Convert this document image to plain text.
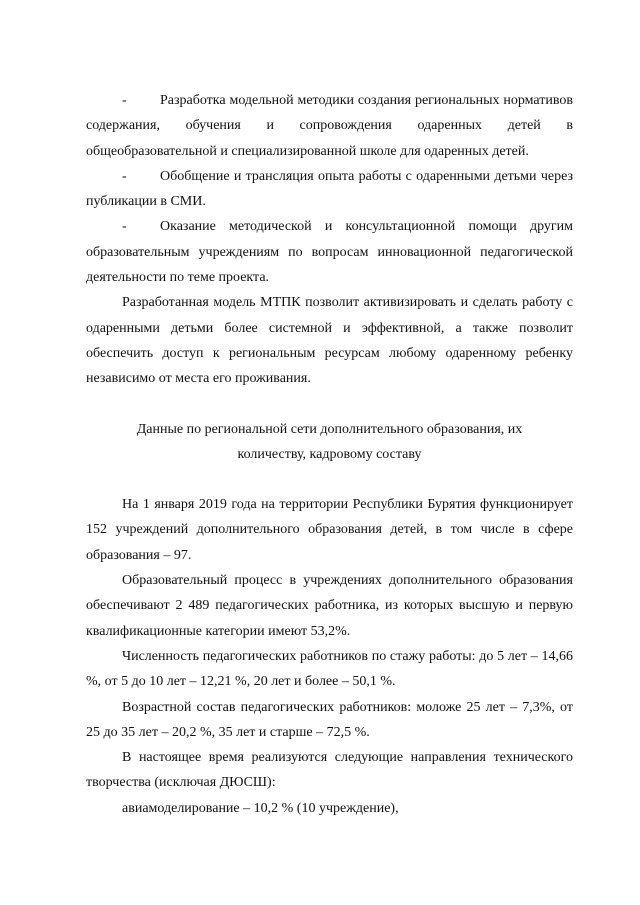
- Разработка модельной методики создания региональных нормативов содержания, обучения и сопровождения одаренных детей в общеобразовательной и специализированной школе для одаренных детей.

- Обобщение и трансляция опыта работы с одаренными детьми через публикации в СМИ.

- Оказание методической и консультационной помощи другим образовательным учреждениям по вопросам инновационной педагогической деятельности по теме проекта.

Разработанная модель МТПК позволит активизировать и сделать работу с одаренными детьми более системной и эффективной, а также позволит обеспечить доступ к региональным ресурсам любому одаренному ребенку независимо от места его проживания.

Данные по региональной сети дополнительного образования, их
количеству, кадровому составу

На 1 января 2019 года на территории Республики Бурятия функционирует 152 учреждений дополнительного образования детей, в том числе в сфере образования – 97.

Образовательный процесс в учреждениях дополнительного образования обеспечивают 2 489 педагогических работника, из которых высшую и первую квалификационные категории имеют 53,2%.

Численность педагогических работников по стажу работы: до 5 лет – 14,66 %, от 5 до 10 лет – 12,21 %, 20 лет и более – 50,1 %.

Возрастной состав педагогических работников: моложе 25 лет – 7,3%, от 25 до 35 лет – 20,2 %, 35 лет и старше – 72,5 %.

В настоящее время реализуются следующие направления технического творчества (исключая ДЮСШ):

авиамоделирование – 10,2 % (10 учреждение),
